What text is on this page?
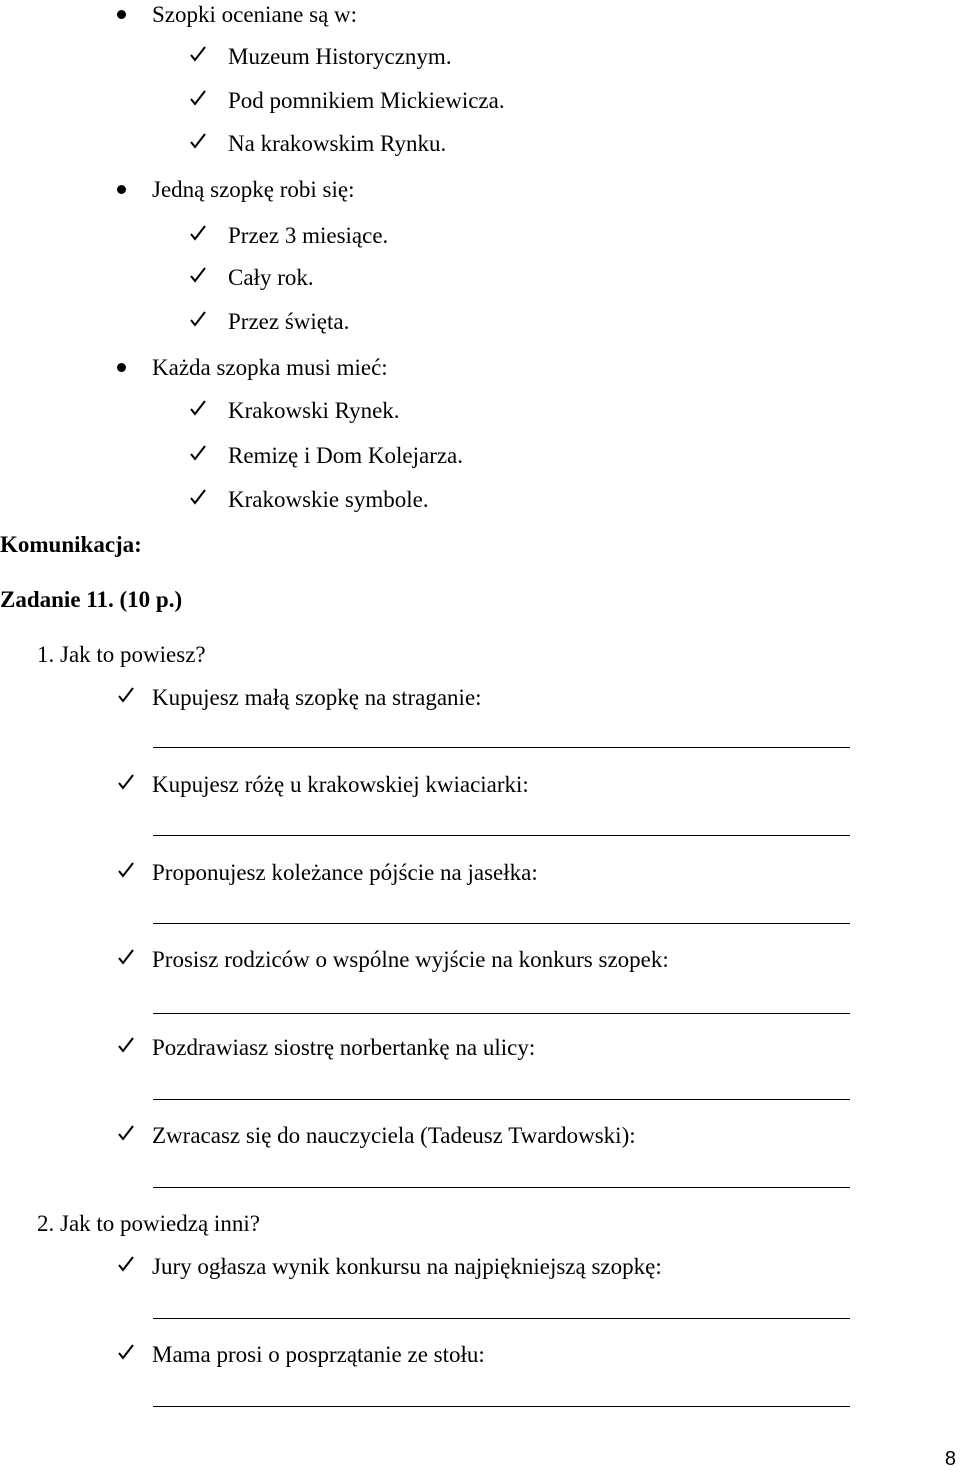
Szopki oceniane są w:
Muzeum Historycznym.
Pod pomnikiem Mickiewicza.
Na krakowskim Rynku.
Jedną szopkę robi się:
Przez 3 miesiące.
Cały rok.
Przez święta.
Każda szopka musi mieć:
Krakowski Rynek.
Remizę i Dom Kolejarza.
Krakowskie symbole.
Komunikacja:
Zadanie 11. (10 p.)
1. Jak to powiesz?
Kupujesz małą szopkę na straganie:
Kupujesz różę u krakowskiej kwiaciarki:
Proponujesz koleżance pójście na jasełka:
Prosisz rodziców o wspólne wyjście na konkurs szopek:
Pozdrawiasz siostrę norbertankę na ulicy:
Zwracasz się do nauczyciela (Tadeusz Twardowski):
2. Jak to powiedzą inni?
Jury ogłasza wynik konkursu na najpiękniejszą szopkę:
Mama prosi o posprzątanie ze stołu:
8
